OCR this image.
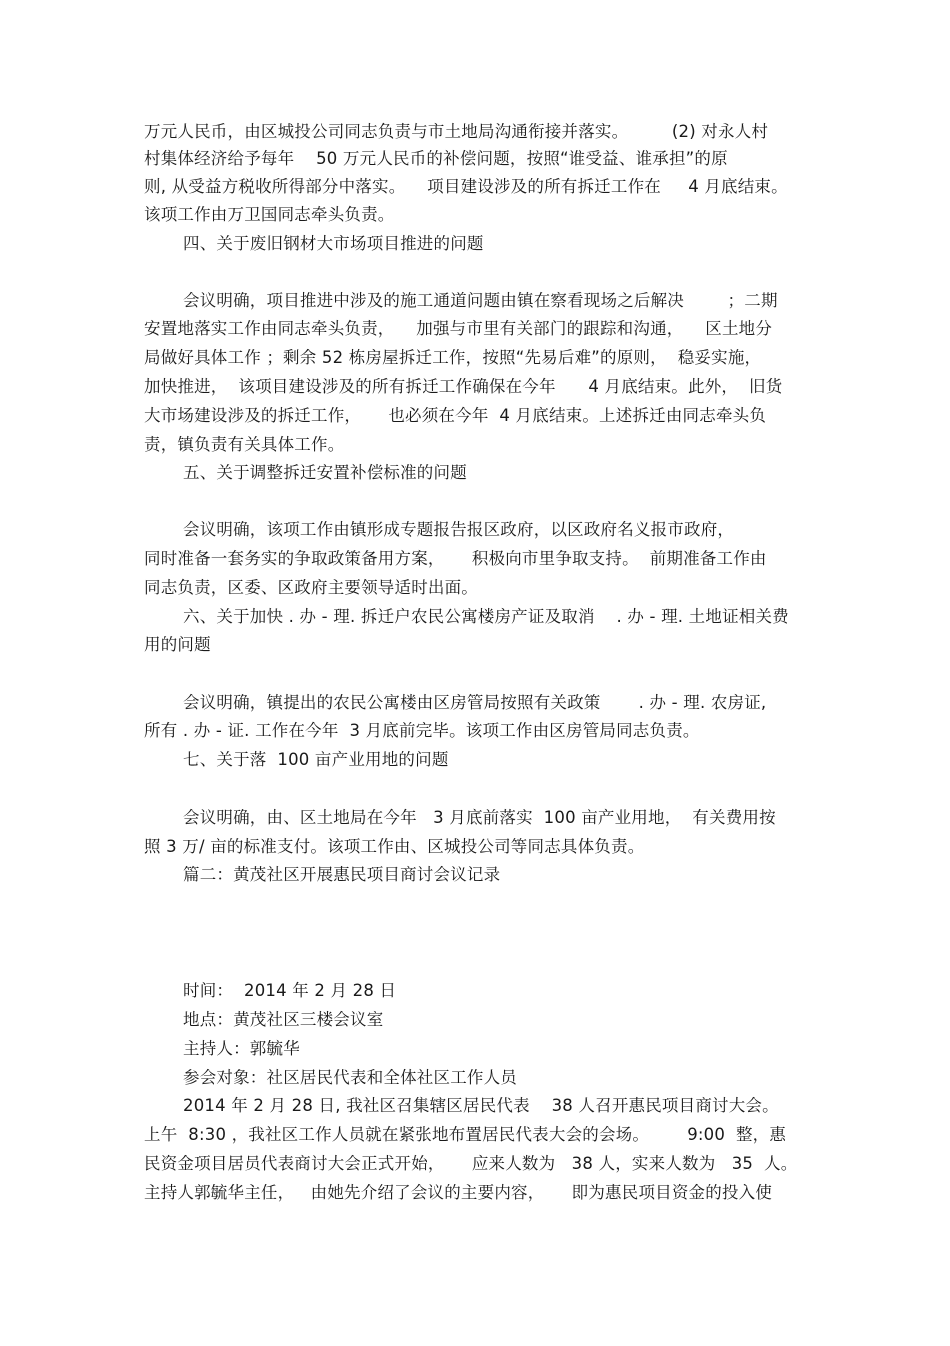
万元人民币，由区城投公司同志负责与市土地局沟通衔接并落实。        (2) 对永人村
村集体经济给予每年    50 万元人民币的补偿问题，按照“谁受益、谁承担”的原
则, 从受益方税收所得部分中落实。    项目建设涉及的所有拆迁工作在     4 月底结束。
该项工作由万卫国同志牵头负责。
四、关于废旧钢材大市场项目推进的问题
会议明确，项目推进中涉及的施工通道问题由镇在察看现场之后解决        ；二期
安置地落实工作由同志牵头负责，    加强与市里有关部门的跟踪和沟通，    区土地分
局做好具体工作 ；剩余 52 栋房屋拆迁工作，按照“先易后难”的原则，  稳妥实施，
加快推进，  该项目建设涉及的所有拆迁工作确保在今年      4 月底结束。此外，  旧货
大市场建设涉及的拆迁工作，     也必须在今年  4 月底结束。上述拆迁由同志牵头负
责，镇负责有关具体工作。
五、关于调整拆迁安置补偿标准的问题
会议明确，该项工作由镇形成专题报告报区政府，以区政府名义报市政府，
同时准备一套务实的争取政策备用方案，     积极向市里争取支持。  前期准备工作由
同志负责，区委、区政府主要领导适时出面。
六、关于加快 . 办 - 理. 拆迁户农民公寓楼房产证及取消    . 办 - 理. 土地证相关费
用的问题
会议明确，镇提出的农民公寓楼由区房管局按照有关政策       . 办 - 理. 农房证,
所有 . 办 - 证. 工作在今年  3 月底前完毕。该项工作由区房管局同志负责。
七、关于落  100 亩产业用地的问题
会议明确，由、区土地局在今年   3 月底前落实  100 亩产业用地，  有关费用按
照 3 万/ 亩的标准支付。该项工作由、区城投公司等同志具体负责。
篇二：黄茂社区开展惠民项目商讨会议记录
时间：  2014 年 2 月 28 日
地点：黄茂社区三楼会议室
主持人：郭毓华
参会对象：社区居民代表和全体社区工作人员
2014 年 2 月 28 日, 我社区召集辖区居民代表    38 人召开惠民项目商讨大会。
上午  8:30 ，我社区工作人员就在紧张地布置居民代表大会的会场。       9:00  整，惠
民资金项目居员代表商讨大会正式开始，     应来人数为   38 人，实来人数为   35  人。
主持人郭毓华主任，   由她先介绍了会议的主要内容，     即为惠民项目资金的投入使
